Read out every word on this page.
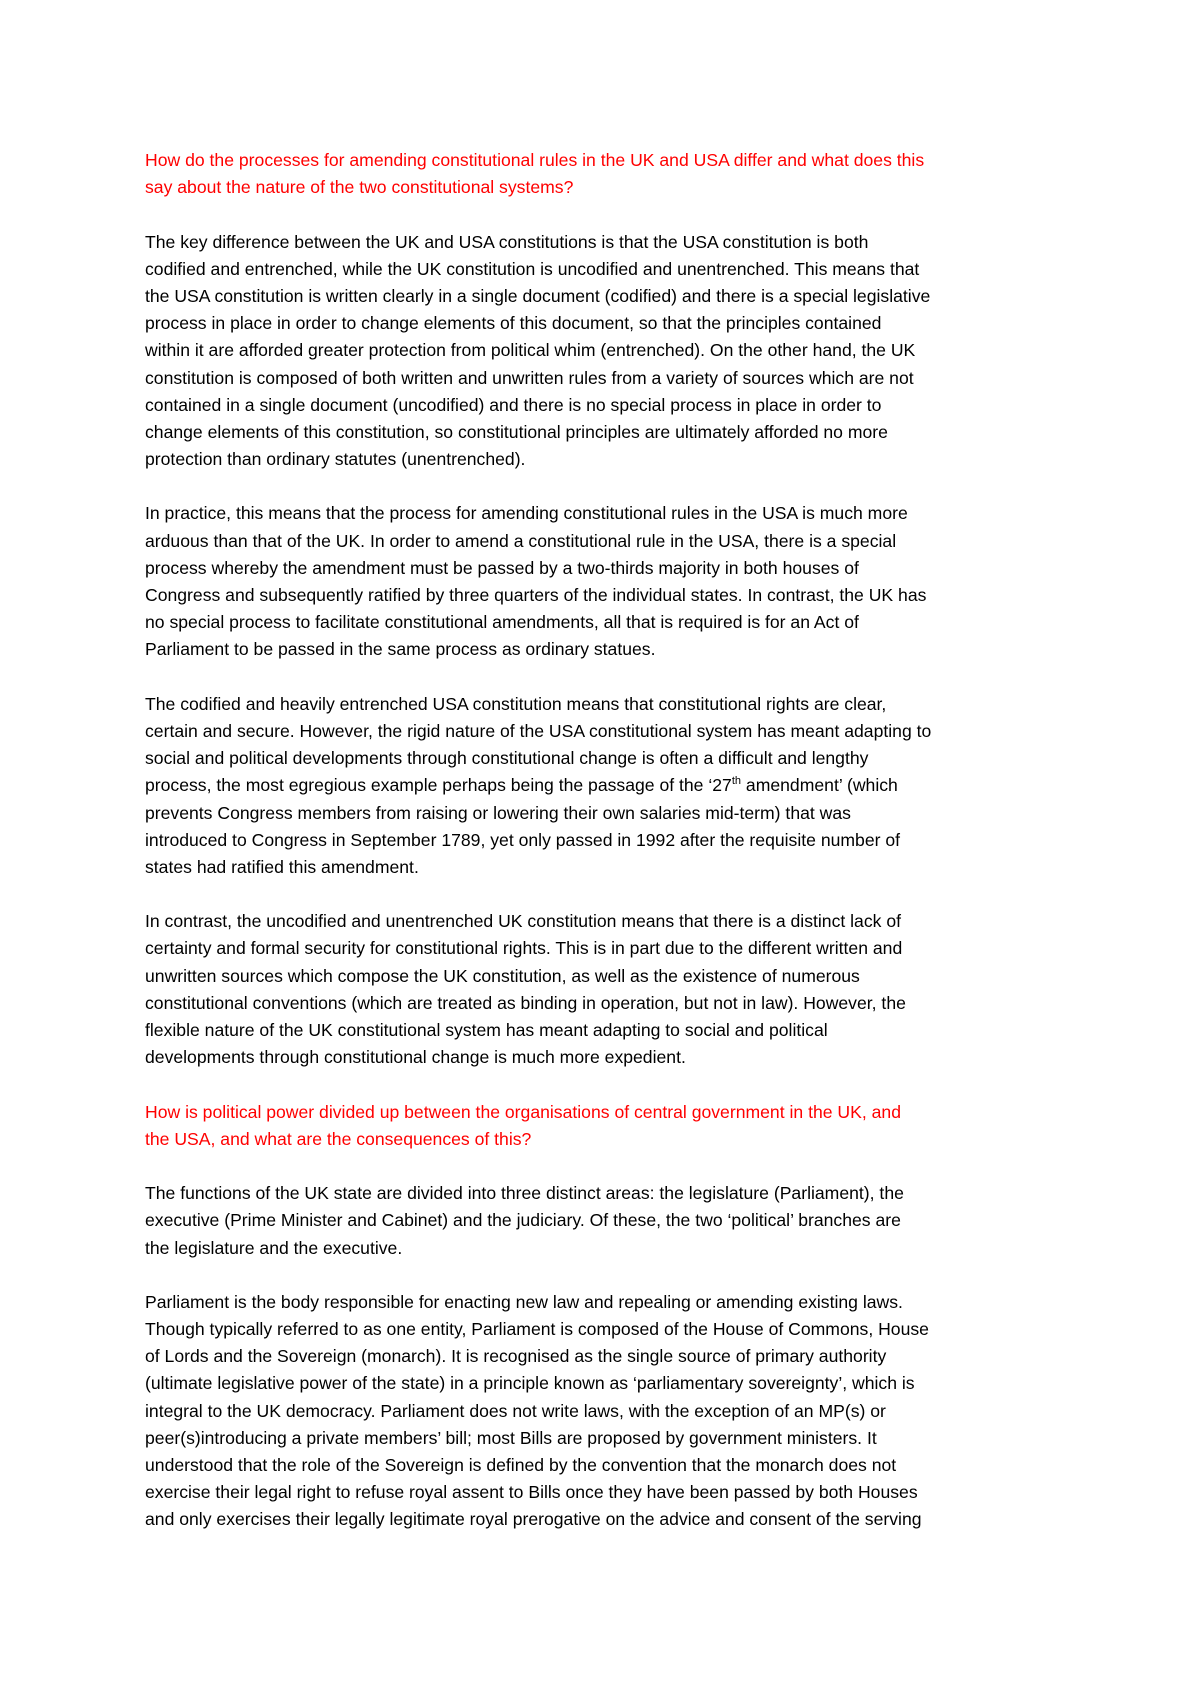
How do the processes for amending constitutional rules in the UK and USA differ and what does this
say about the nature of the two constitutional systems?
The key difference between the UK and USA constitutions is that the USA constitution is both
codified and entrenched, while the UK constitution is uncodified and unentrenched. This means that
the USA constitution is written clearly in a single document (codified) and there is a special legislative
process in place in order to change elements of this document, so that the principles contained
within it are afforded greater protection from political whim (entrenched). On the other hand, the UK
constitution is composed of both written and unwritten rules from a variety of sources which are not
contained in a single document (uncodified) and there is no special process in place in order to
change elements of this constitution, so constitutional principles are ultimately afforded no more
protection than ordinary statutes (unentrenched).
In practice, this means that the process for amending constitutional rules in the USA is much more
arduous than that of the UK. In order to amend a constitutional rule in the USA, there is a special
process whereby the amendment must be passed by a two-thirds majority in both houses of
Congress and subsequently ratified by three quarters of the individual states. In contrast, the UK has
no special process to facilitate constitutional amendments, all that is required is for an Act of
Parliament to be passed in the same process as ordinary statues.
The codified and heavily entrenched USA constitution means that constitutional rights are clear,
certain and secure. However, the rigid nature of the USA constitutional system has meant adapting to
social and political developments through constitutional change is often a difficult and lengthy
process, the most egregious example perhaps being the passage of the ‘27th amendment’ (which
prevents Congress members from raising or lowering their own salaries mid-term) that was
introduced to Congress in September 1789, yet only passed in 1992 after the requisite number of
states had ratified this amendment.
In contrast, the uncodified and unentrenched UK constitution means that there is a distinct lack of
certainty and formal security for constitutional rights. This is in part due to the different written and
unwritten sources which compose the UK constitution, as well as the existence of numerous
constitutional conventions (which are treated as binding in operation, but not in law). However, the
flexible nature of the UK constitutional system has meant adapting to social and political
developments through constitutional change is much more expedient.
How is political power divided up between the organisations of central government in the UK, and
the USA, and what are the consequences of this?
The functions of the UK state are divided into three distinct areas: the legislature (Parliament), the
executive (Prime Minister and Cabinet) and the judiciary. Of these, the two ‘political’ branches are
the legislature and the executive.
Parliament is the body responsible for enacting new law and repealing or amending existing laws.
Though typically referred to as one entity, Parliament is composed of the House of Commons, House
of Lords and the Sovereign (monarch). It is recognised as the single source of primary authority
(ultimate legislative power of the state) in a principle known as ‘parliamentary sovereignty’, which is
integral to the UK democracy. Parliament does not write laws, with the exception of an MP(s) or
peer(s)introducing a private members’ bill; most Bills are proposed by government ministers. It
understood that the role of the Sovereign is defined by the convention that the monarch does not
exercise their legal right to refuse royal assent to Bills once they have been passed by both Houses
and only exercises their legally legitimate royal prerogative on the advice and consent of the serving
